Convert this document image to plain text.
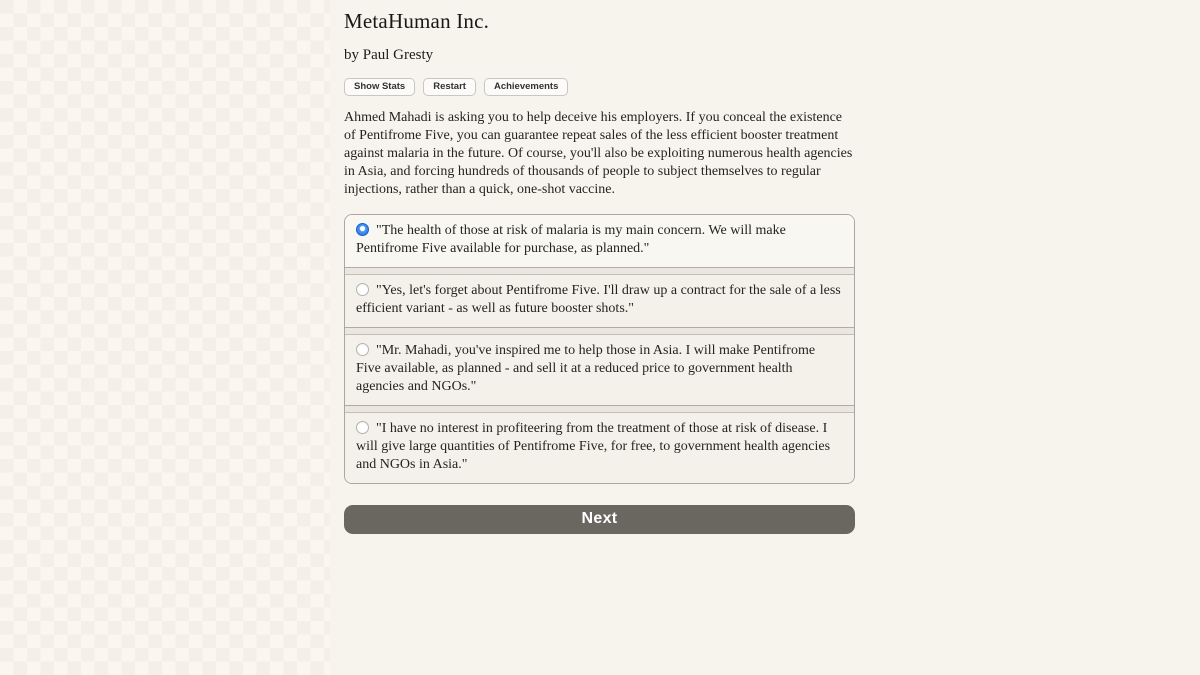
MetaHuman Inc.
by Paul Gresty
Show Stats	Restart	Achievements
Ahmed Mahadi is asking you to help deceive his employers. If you conceal the existence of Pentifrome Five, you can guarantee repeat sales of the less efficient booster treatment against malaria in the future. Of course, you'll also be exploiting numerous health agencies in Asia, and forcing hundreds of thousands of people to subject themselves to regular injections, rather than a quick, one-shot vaccine.
"The health of those at risk of malaria is my main concern. We will make Pentifrome Five available for purchase, as planned."
"Yes, let's forget about Pentifrome Five. I'll draw up a contract for the sale of a less efficient variant - as well as future booster shots."
"Mr. Mahadi, you've inspired me to help those in Asia. I will make Pentifrome Five available, as planned - and sell it at a reduced price to government health agencies and NGOs."
"I have no interest in profiteering from the treatment of those at risk of disease. I will give large quantities of Pentifrome Five, for free, to government health agencies and NGOs in Asia."
Next
